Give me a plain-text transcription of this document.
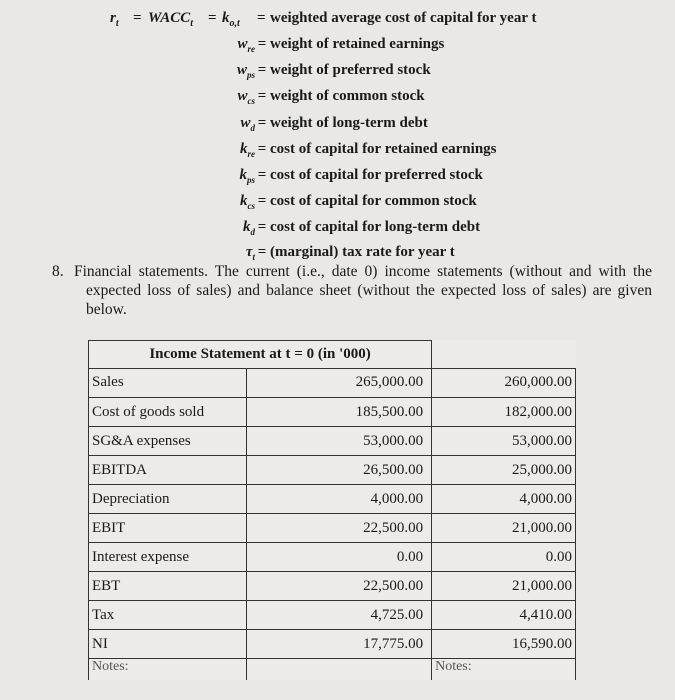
$r_t$ = $WACC_t = k_{o,t}$ = weighted average cost of capital for year t
$w_{re}$ = weight of retained earnings
$w_{ps}$ = weight of preferred stock
$w_{cs}$ = weight of common stock
$w_d$ = weight of long-term debt
$k_{re} = \cos t$ of capital for retained earnings
$k_{ps} = \cos t$ of capital for preferred stock
$k_{cs} = \cos t$ of capital for common stock
$k_d = \cos t$ of capital for long-term debt
$\tau_t$ = (marginal) tax rate for year t
8. Financial statements. The current (i.e., date 0) income statements (without and with the expected loss of sales) and balance sheet (without the expected loss of sales) are given below.
Income Statement at t = 0 (in '000)		
Sales	265,000.00	260,000.00
Cost of goods sold	185,500.00	182,000.00
SG&A expenses	53,000.00	53,000.00
EBITDA	26,500.00	25,000.00
Depreciation	4,000.00	4,000.00
EBIT	22,500.00	21,000.00
Interest expense	0.00	0.00
EBT	22,500.00	21,000.00
Tax	4,725.00	4,410.00
NI	17,775.00	16,590.00
Notes:		Notes:
